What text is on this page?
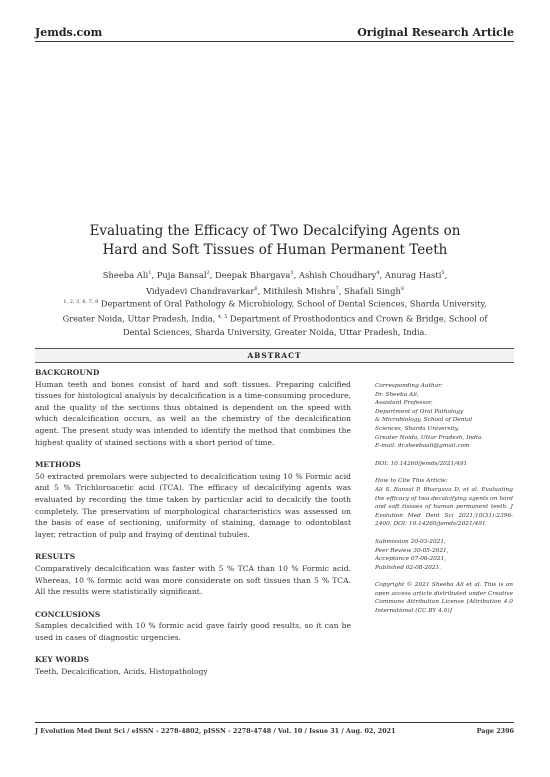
Jemds.com	Original Research Article
Evaluating the Efficacy of Two Decalcifying Agents on
Hard and Soft Tissues of Human Permanent Teeth
Sheeba Ali$^1$, Puja Bansal$^2$, Deepak Bhargava$^3$, Ashish Choudhary$^4$, Anurag Hasti$^5$,
Vidyadevi Chandravarkar$^6$, Mithilesh Mishra$^7$, Shafali Singh$^8$
$^{1, 2, 3, 6, 7, 8}$ Department of Oral Pathology & Microbiology, School of Dental Sciences, Sharda University, Greater Noida, Uttar Pradesh, India, $^{4, 5}$ Department of Prosthodontics and Crown & Bridge, School of Dental Sciences, Sharda University, Greater Noida, Uttar Pradesh, India.
ABSTRACT
BACKGROUND
Human teeth and bones consist of hard and soft tissues. Preparing calcified tissues for histological analysis by decalcification is a time-consuming procedure, and the quality of the sections thus obtained is dependent on the speed with which decalcification occurs, as well as the chemistry of the decalcification agent. The present study was intended to identify the method that combines the highest quality of stained sections with a short period of time.
METHODS
50 extracted premolars were subjected to decalcification using 10 % Formic acid and 5 % Trichloroacetic acid (TCA). The efficacy of decalcifying agents was evaluated by recording the time taken by particular acid to decalcify the tooth completely. The preservation of morphological characteristics was assessed on the basis of ease of sectioning, uniformity of staining, damage to odontoblast layer, retraction of pulp and fraying of dentinal tubules.
RESULTS
Comparatively decalcification was faster with 5 % TCA than 10 % Formic acid. Whereas, 10 % formic acid was more considerate on soft tissues than 5 % TCA. All the results were statistically significant.
CONCLUSIONS
Samples decalcified with 10 % formic acid gave fairly good results, so it can be used in cases of diagnostic urgencies.
KEY WORDS
Teeth, Decalcification, Acids, Histopathology
Corresponding Author:
Dr. Sheeba Ali,
Assistant Professor,
Department of Oral Pathology
& Microbiology, School of Dental
Sciences, Sharda University,
Greater Noida, Uttar Pradesh, India.
E-mail: dr.sheebaali@gmail.com
DOI: 10.14260/jemds/2021/491
How to Cite This Article:
Ali S, Bansal P, Bhargava D, et al. Evaluating the efficacy of two decalcifying agents on hard and soft tissues of human permanent teeth. J Evolution Med Dent Sci 2021;10(31):2396-2400, DOI: 10.14260/jemds/2021/491
Submission 20-03-2021,
Peer Review 30-05-2021,
Acceptance 07-06-2021,
Published 02-08-2021.
Copyright © 2021 Sheeba Ali et al. This is an open access article distributed under Creative Commons Attribution License [Attribution 4.0 International (CC BY 4.0)]
J Evolution Med Dent Sci / eISSN - 2278-4802, pISSN - 2278-4748 / Vol. 10 / Issue 31 / Aug. 02, 2021	Page 2396
